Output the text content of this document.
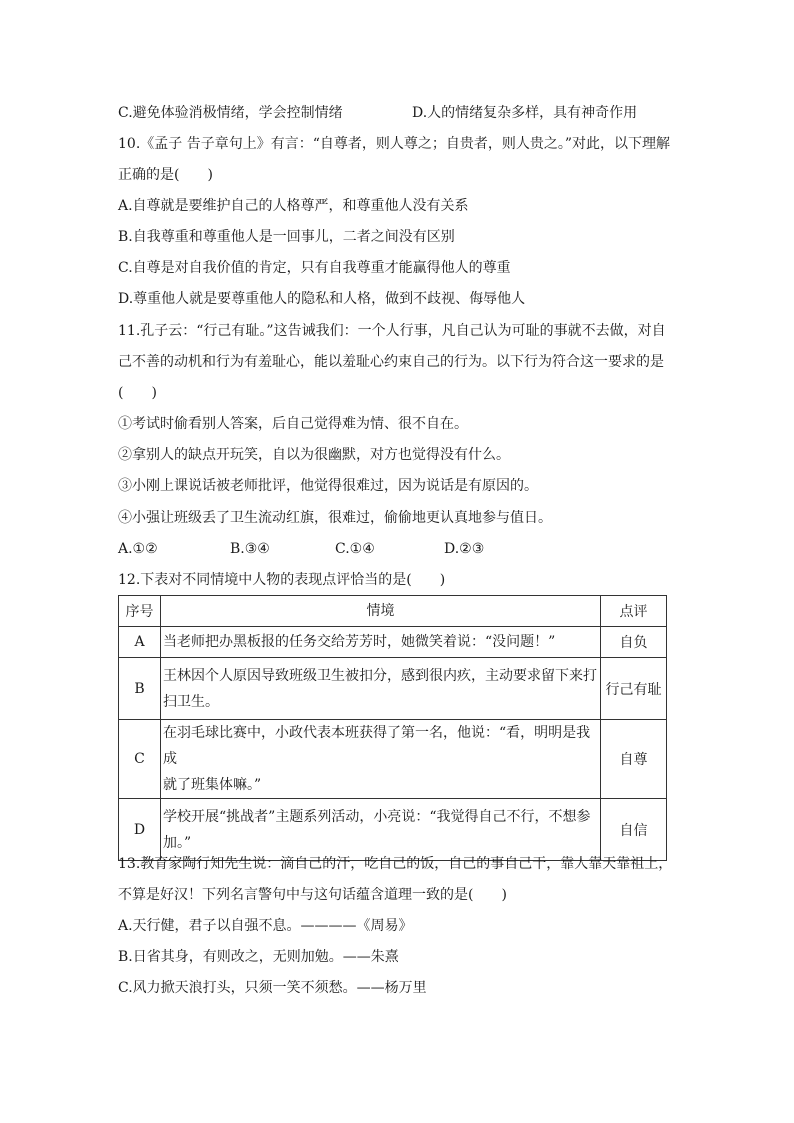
C.避免体验消极情绪，学会控制情绪	D.人的情绪复杂多样，具有神奇作用
10.《孟子 告子章句上》有言：“自尊者，则人尊之；自贵者，则人贵之。”对此，以下理解
正确的是(　　)
A.自尊就是要维护自己的人格尊严，和尊重他人没有关系
B.自我尊重和尊重他人是一回事儿，二者之间没有区别
C.自尊是对自我价值的肯定，只有自我尊重才能赢得他人的尊重
D.尊重他人就是要尊重他人的隐私和人格，做到不歧视、侮辱他人
11.孔子云：“行己有耻。”这告诫我们：一个人行事，凡自己认为可耻的事就不去做，对自
己不善的动机和行为有羞耻心，能以羞耻心约束自己的行为。以下行为符合这一要求的是
(　　)
①考试时偷看别人答案，后自己觉得难为情、很不自在。
②拿别人的缺点开玩笑，自以为很幽默，对方也觉得没有什么。
③小刚上课说话被老师批评，他觉得很难过，因为说话是有原因的。
④小强让班级丢了卫生流动红旗，很难过，偷偷地更认真地参与值日。
A.①②	B.③④	C.①④	D.②③
12.下表对不同情境中人物的表现点评恰当的是(　　)
序号	情境	点评
A	当老师把办黑板报的任务交给芳芳时，她微笑着说：“没问题！”	自负
B	王林因个人原因导致班级卫生被扣分，感到很内疚，主动要求留下来打
扫卫生。	行己有耻
C	在羽毛球比赛中，小政代表本班获得了第一名，他说：“看，明明是我成
就了班集体嘛。”	自尊
D	学校开展“挑战者”主题系列活动，小亮说：“我觉得自己不行，不想参
加。”	自信
13.教育家陶行知先生说：滴自己的汗，吃自己的饭，自己的事自己干，靠人靠天靠祖上，
不算是好汉！下列名言警句中与这句话蕴含道理一致的是(　　)
A.天行健，君子以自强不息。————《周易》
B.日省其身，有则改之，无则加勉。——朱熹
C.风力掀天浪打头，只须一笑不须愁。——杨万里
